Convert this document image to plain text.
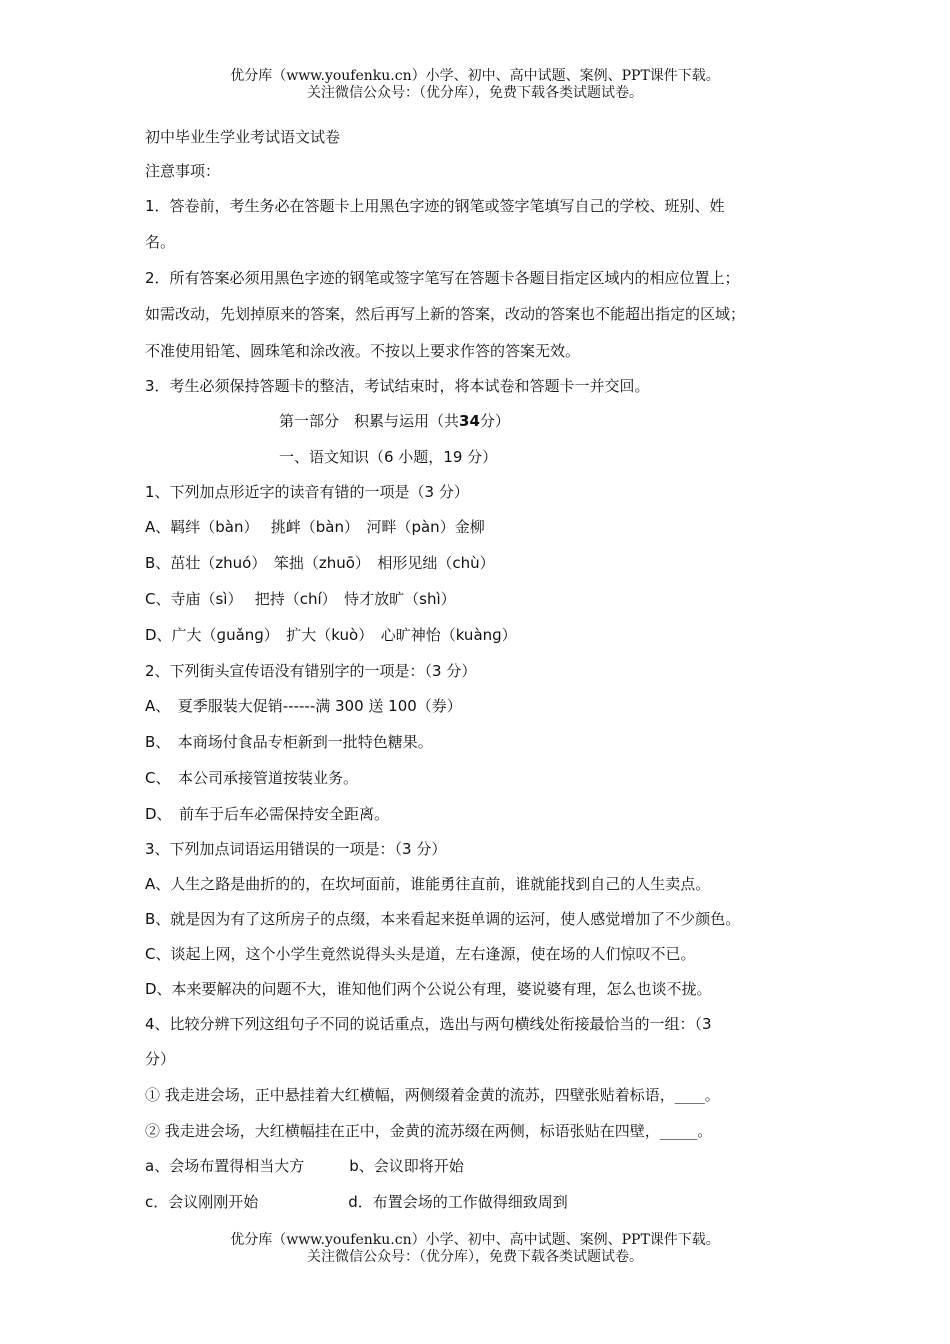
优分库（www.youfenku.cn）小学、初中、高中试题、案例、PPT课件下载。
关注微信公众号：（优分库），免费下载各类试题试卷。
初中毕业生学业考试语文试卷
注意事项：
1．答卷前，考生务必在答题卡上用黑色字迹的钢笔或签字笔填写自己的学校、班别、姓
名。
2．所有答案必须用黑色字迹的钢笔或签字笔写在答题卡各题目指定区域内的相应位置上；
如需改动，先划掉原来的答案，然后再写上新的答案，改动的答案也不能超出指定的区域；
不准使用铅笔、圆珠笔和涂改液。不按以上要求作答的答案无效。
3．考生必须保持答题卡的整洁，考试结束时，将本试卷和答题卡一并交回。
第一部分　积累与运用（共34分）
一、语文知识（6 小题，19 分）
1、下列加点形近字的读音有错的一项是（3 分）
A、羁绊（bàn）　 挑衅（bàn）　河畔（pàn）金柳
B、茁壮（zhuó）　笨拙（zhuō）　相形见绌（chù）
C、寺庙（sì）　 把持（chí）　恃才放旷（shì）
D、广大（ɡuǎnɡ）　扩大（kuò）　心旷神怡（kuànɡ）
2、下列街头宣传语没有错别字的一项是：（3 分）
A、　夏季服装大促销------满 300 送 100（券）
B、　本商场付食品专柜新到一批特色糖果。
C、　本公司承接管道按装业务。
D、　前车于后车必需保持安全距离。
3、下列加点词语运用错误的一项是：（3 分）
A、人生之路是曲折的的，在坎坷面前，谁能勇往直前，谁就能找到自己的人生卖点。
B、就是因为有了这所房子的点缀，本来看起来挺单调的运河，使人感觉增加了不少颜色。
C、谈起上网，这个小学生竟然说得头头是道，左右逢源，使在场的人们惊叹不已。
D、本来要解决的问题不大，谁知他们两个公说公有理，婆说婆有理，怎么也谈不拢。
4、比较分辨下列这组句子不同的说话重点，选出与两句横线处衔接最恰当的一组：（3
分）
① 我走进会场，正中悬挂着大红横幅，两侧缀着金黄的流苏，四壁张贴着标语，____。
② 我走进会场，大红横幅挂在正中，金黄的流苏缀在两侧，标语张贴在四壁，_____。
a、会场布置得相当大方　　　b、会议即将开始
c．会议刚刚开始　　　　　　d．布置会场的工作做得细致周到
优分库（www.youfenku.cn）小学、初中、高中试题、案例、PPT课件下载。
关注微信公众号：（优分库），免费下载各类试题试卷。
